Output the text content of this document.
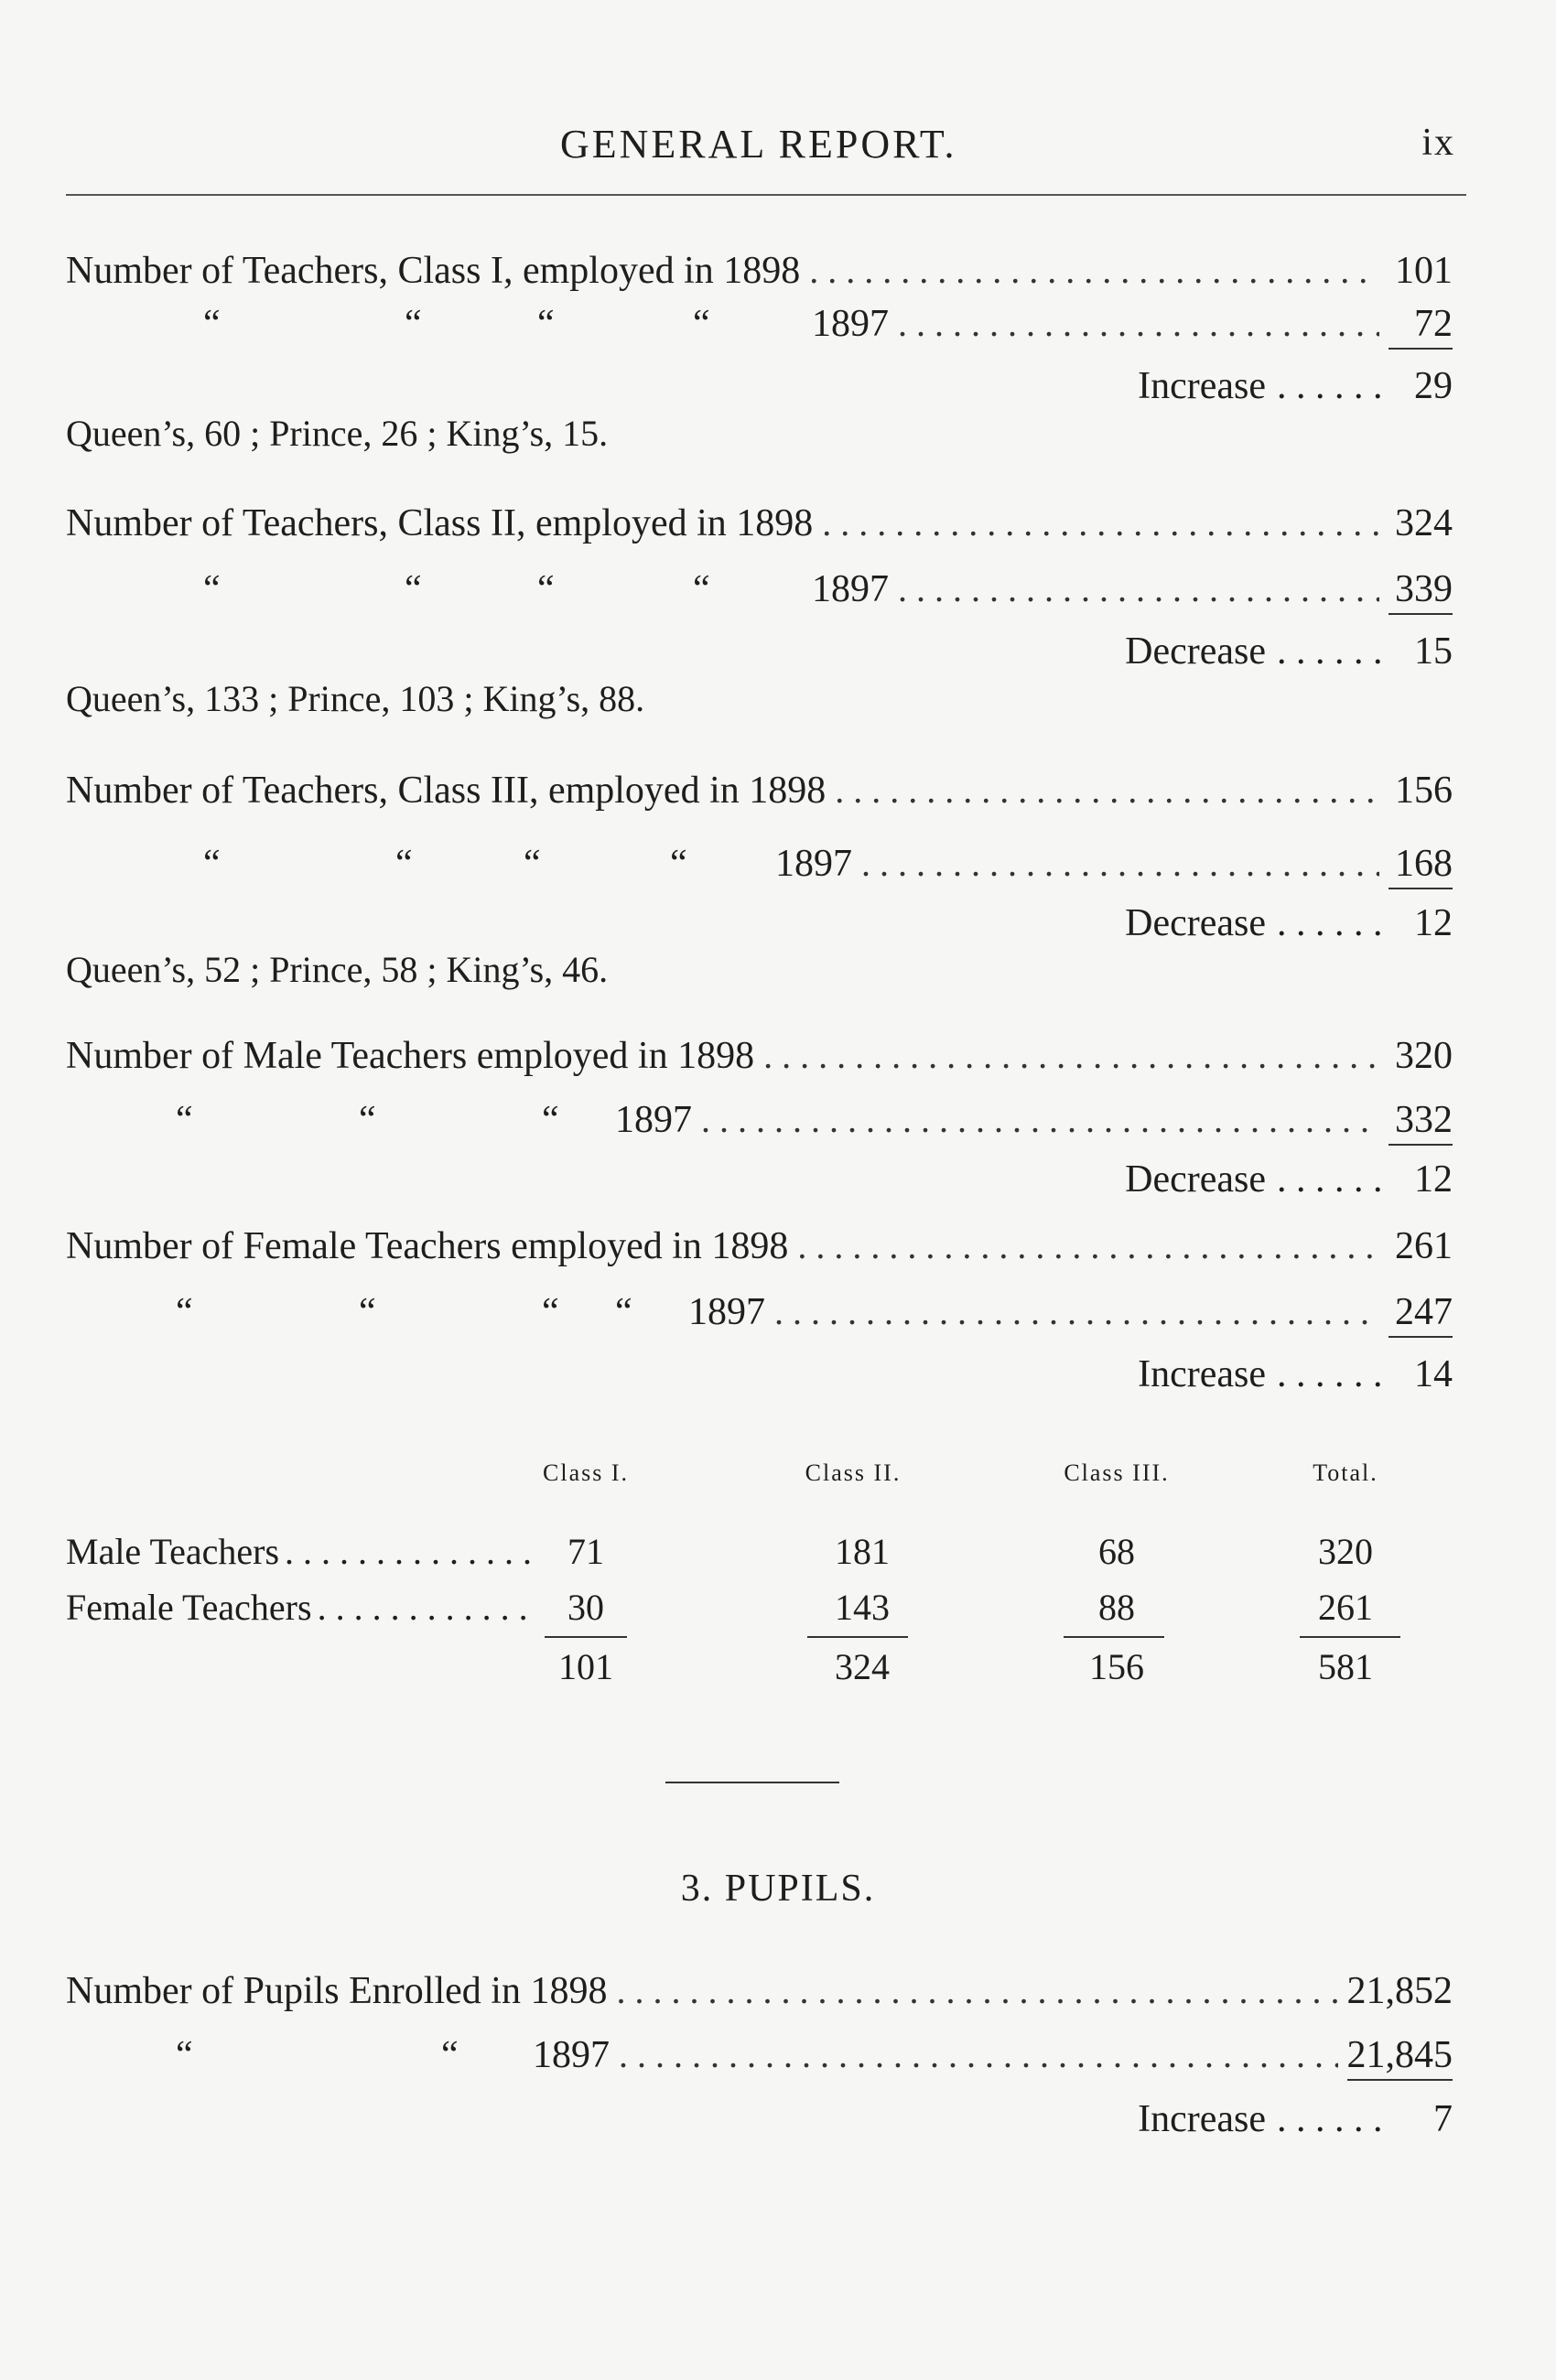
GENERAL REPORT.	ix
Number of Teachers, Class I, employed in 1898 . . .	101
“	“	“	“	1897 . . .	72
Increase . . .	29
Queen’s, 60 ; Prince, 26 ; King’s, 15.
Number of Teachers, Class II, employed in 1898 . . .	324
“	“	“	“	1897 . . .	339
Decrease . . .	15
Queen’s, 133 ; Prince, 103 ; King’s, 88.
Number of Teachers, Class III, employed in 1898 . . .	156
“	“	“	“	1897 . . .	168
Decrease . . .	12
Queen’s, 52 ; Prince, 58 ; King’s, 46.
Number of Male Teachers employed in 1898 . . .	320
“	“	“	1897 . . .	332
Decrease . . .	12
Number of Female Teachers employed in 1898 . . .	261
“	“	“	“	1897 . . .	247
Increase . . .	14
Class I.	Class II.	Class III.	Total.
Male Teachers . . .	71	181	68	320
Female Teachers . . .	30	143	88	261
101	324	156	581
3. PUPILS.
Number of Pupils Enrolled in 1898 . . .	21,852
“	“	1897 . . .	21,845
Increase . . .	7
